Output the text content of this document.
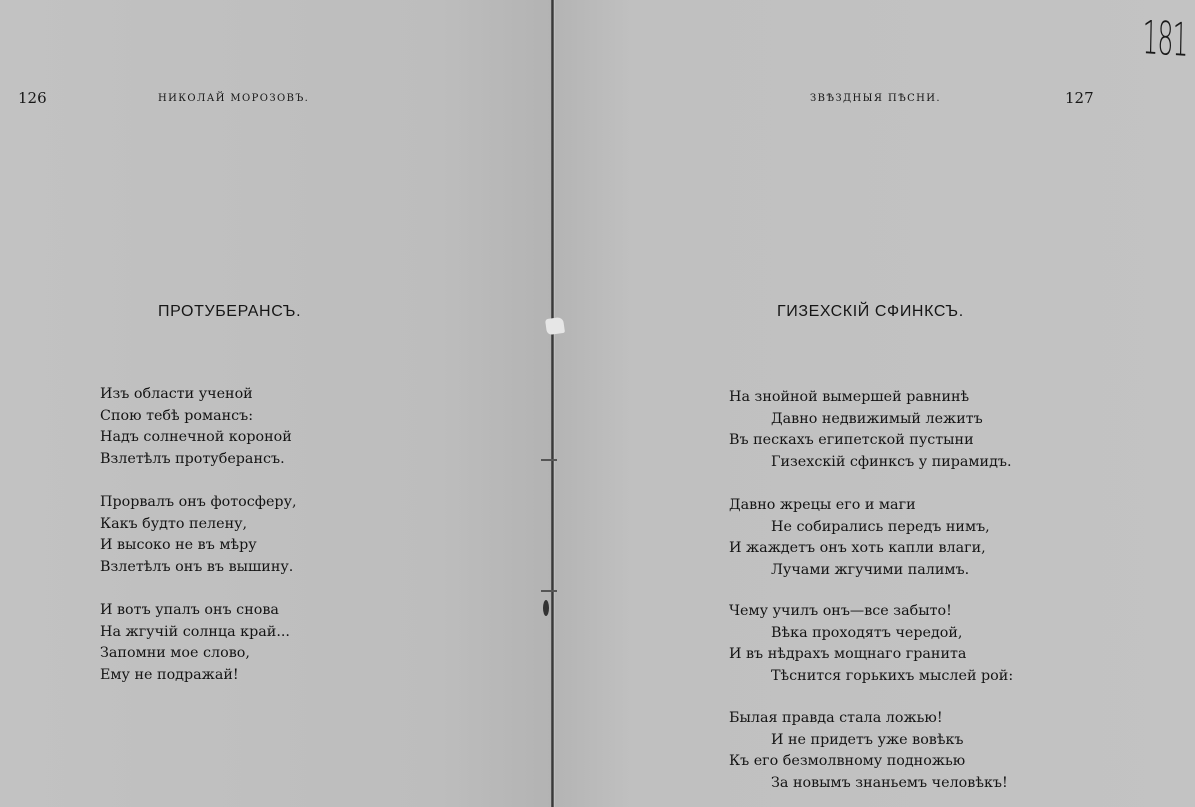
126	НИКОЛАЙ МОРОЗОВЪ.
ПРОТУБЕРАНСЪ.
Изъ области ученой
Спою тебѣ романсъ:
Надъ солнечной короной
Взлетѣлъ протуберансъ.
Прорвалъ онъ фотосферу,
Какъ будто пелену,
И высоко не въ мѣру
Взлетѣлъ онъ въ вышину.
И вотъ упалъ онъ снова
На жгучій солнца край...
Запомни мое слово,
Ему не подражай!
ЗВѢЗДНЫЯ ПѢСНИ.	127
ГИЗЕХСКІЙ СФИНКСЪ.
На знойной вымершей равнинѣ
Давно недвижимый лежитъ
Въ пескахъ египетской пустыни
Гизехскій сфинксъ у пирамидъ.
Давно жрецы его и маги
Не собирались передъ нимъ,
И жаждетъ онъ хоть капли влаги,
Лучами жгучими палимъ.
Чему училъ онъ—все забыто!
Вѣка проходятъ чередой,
И въ нѣдрахъ мощнаго гранита
Тѣснится горькихъ мыслей рой:
Былая правда стала ложью!
И не придетъ уже вовѣкъ
Къ его безмолвному подножью
За новымъ знаньемъ человѣкъ!
181
